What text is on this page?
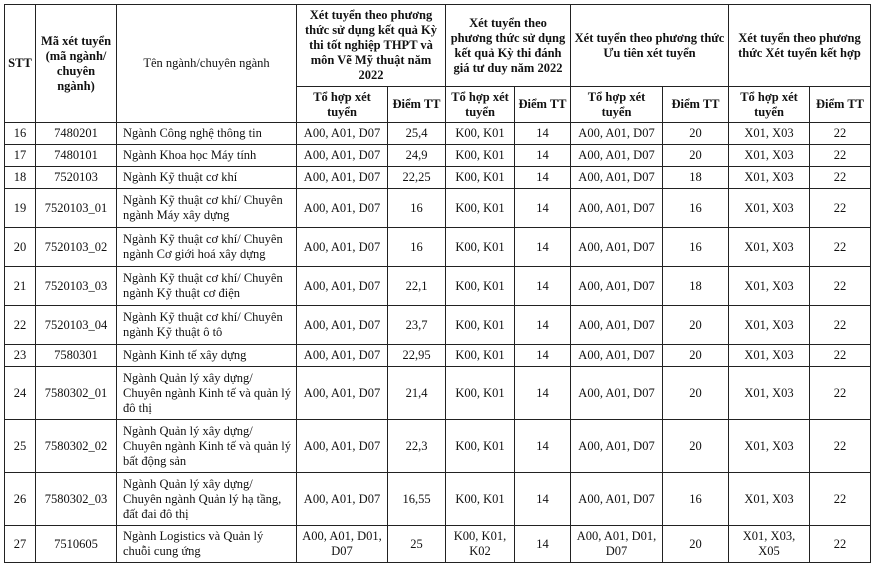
STT	Mã xét tuyển (mã ngành/ chuyên ngành)	Tên ngành/chuyên ngành	Xét tuyển theo phương thức sử dụng kết quả Kỳ thi tốt nghiệp THPT và môn Vẽ Mỹ thuật năm 2022		Xét tuyển theo phương thức sử dụng kết quả Kỳ thi đánh giá tư duy năm 2022		Xét tuyển theo phương thức Ưu tiên xét tuyển		Xét tuyển theo phương thức Xét tuyển kết hợp	
			Tổ hợp xét tuyển	Điểm TT	Tổ hợp xét tuyển	Điểm TT	Tổ hợp xét tuyển	Điểm TT	Tổ hợp xét tuyển	Điểm TT
16	7480201	Ngành Công nghệ thông tin	A00, A01, D07	25,4	K00, K01	14	A00, A01, D07	20	X01, X03	22
17	7480101	Ngành Khoa học Máy tính	A00, A01, D07	24,9	K00, K01	14	A00, A01, D07	20	X01, X03	22
18	7520103	Ngành Kỹ thuật cơ khí	A00, A01, D07	22,25	K00, K01	14	A00, A01, D07	18	X01, X03	22
19	7520103_01	Ngành Kỹ thuật cơ khí/ Chuyên ngành Máy xây dựng	A00, A01, D07	16	K00, K01	14	A00, A01, D07	16	X01, X03	22
20	7520103_02	Ngành Kỹ thuật cơ khí/ Chuyên ngành Cơ giới hoá xây dựng	A00, A01, D07	16	K00, K01	14	A00, A01, D07	16	X01, X03	22
21	7520103_03	Ngành Kỹ thuật cơ khí/ Chuyên ngành Kỹ thuật cơ điện	A00, A01, D07	22,1	K00, K01	14	A00, A01, D07	18	X01, X03	22
22	7520103_04	Ngành Kỹ thuật cơ khí/ Chuyên ngành Kỹ thuật ô tô	A00, A01, D07	23,7	K00, K01	14	A00, A01, D07	20	X01, X03	22
23	7580301	Ngành Kinh tế xây dựng	A00, A01, D07	22,95	K00, K01	14	A00, A01, D07	20	X01, X03	22
24	7580302_01	Ngành Quản lý xây dựng/ Chuyên ngành Kinh tế và quản lý đô thị	A00, A01, D07	21,4	K00, K01	14	A00, A01, D07	20	X01, X03	22
25	7580302_02	Ngành Quản lý xây dựng/ Chuyên ngành Kinh tế và quản lý bất động sản	A00, A01, D07	22,3	K00, K01	14	A00, A01, D07	20	X01, X03	22
26	7580302_03	Ngành Quản lý xây dựng/ Chuyên ngành Quản lý hạ tầng, đất đai đô thị	A00, A01, D07	16,55	K00, K01	14	A00, A01, D07	16	X01, X03	22
27	7510605	Ngành Logistics và Quản lý chuỗi cung ứng	A00, A01, D01, D07	25	K00, K01, K02	14	A00, A01, D01, D07	20	X01, X03, X05	22
